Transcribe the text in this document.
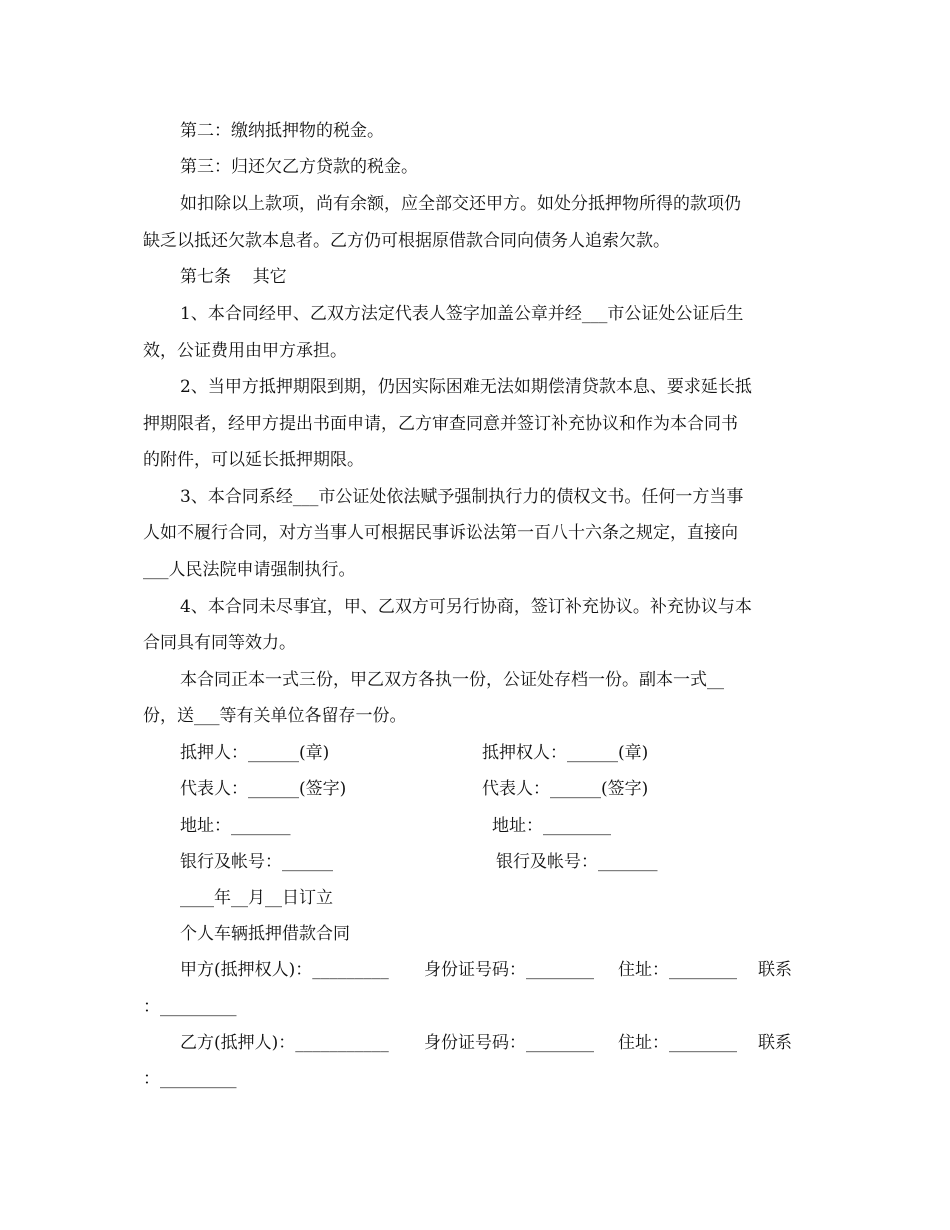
第二：缴纳抵押物的税金。
第三：归还欠乙方贷款的税金。
如扣除以上款项，尚有余额，应全部交还甲方。如处分抵押物所得的款项仍
缺乏以抵还欠款本息者。乙方仍可根据原借款合同向债务人追索欠款。
第七条    其它
1、本合同经甲、乙双方法定代表人签字加盖公章并经___市公证处公证后生
效，公证费用由甲方承担。
2、当甲方抵押期限到期，仍因实际困难无法如期偿清贷款本息、要求延长抵
押期限者，经甲方提出书面申请，乙方审查同意并签订补充协议和作为本合同书
的附件，可以延长抵押期限。
3、本合同系经___市公证处依法赋予强制执行力的债权文书。任何一方当事
人如不履行合同，对方当事人可根据民事诉讼法第一百八十六条之规定，直接向
___人民法院申请强制执行。
4、本合同未尽事宜，甲、乙双方可另行协商，签订补充协议。补充协议与本
合同具有同等效力。
本合同正本一式三份，甲乙双方各执一份，公证处存档一份。副本一式__
份，送___等有关单位各留存一份。
抵押人：______(章)	抵押权人：______(章)
代表人：______(签字)	代表人：______(签字)
地址：_______	地址：________
银行及帐号：______	银行及帐号：_______
____年__月__日订立
个人车辆抵押借款合同
甲方(抵押权人)：_________ 身份证号码：________ 住址：________ 联系
：_________
乙方(抵押人)：___________ 身份证号码：________ 住址：________ 联系
：_________
